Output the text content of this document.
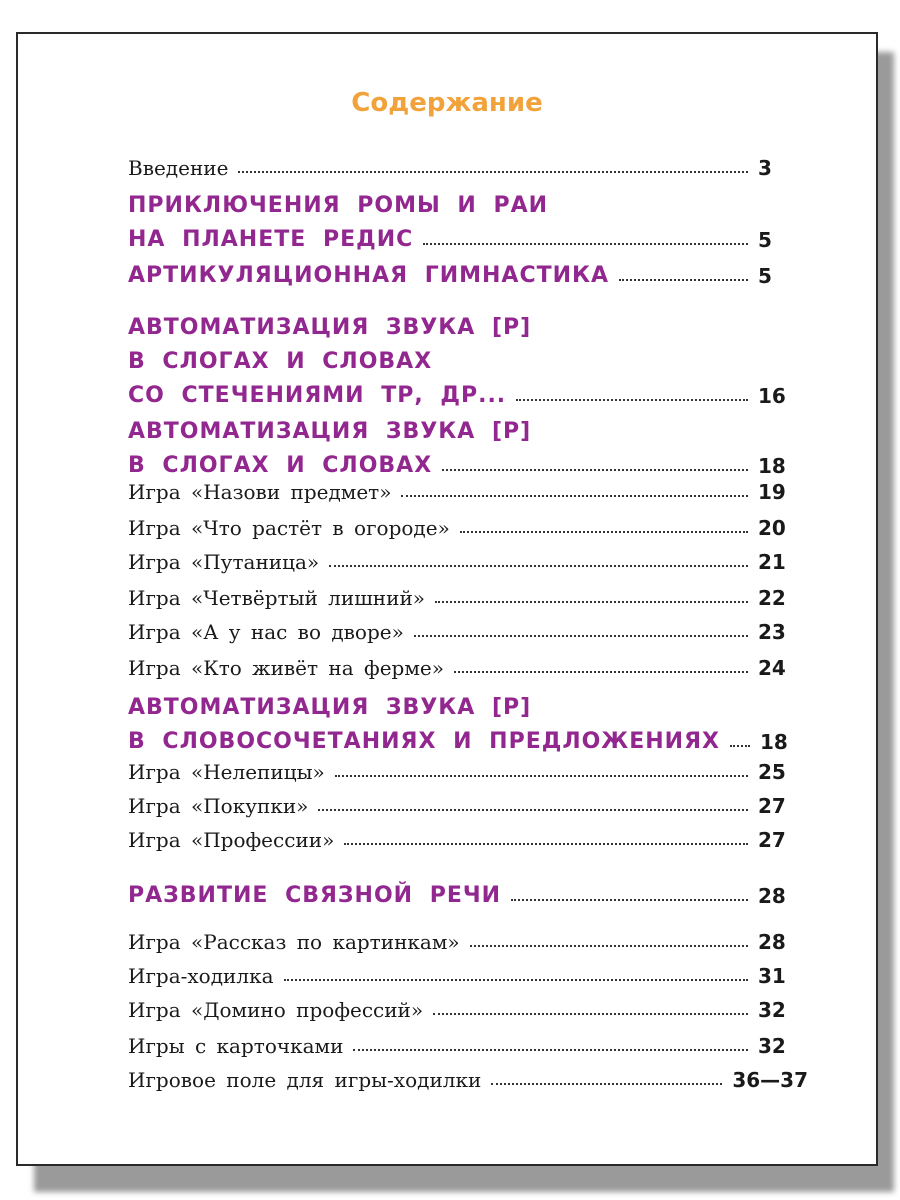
Содержание
Введение	3
ПРИКЛЮЧЕНИЯ РОМЫ И РАИ
НА ПЛАНЕТЕ РЕДИС	5
АРТИКУЛЯЦИОННАЯ ГИМНАСТИКА	5
АВТОМАТИЗАЦИЯ ЗВУКА [Р]
В СЛОГАХ И СЛОВАХ
СО СТЕЧЕНИЯМИ ТР, ДР...	16
АВТОМАТИЗАЦИЯ ЗВУКА [Р]
В СЛОГАХ И СЛОВАХ	18
Игра «Назови предмет»	19
Игра «Что растёт в огороде»	20
Игра «Путаница»	21
Игра «Четвёртый лишний»	22
Игра «А у нас во дворе»	23
Игра «Кто живёт на ферме»	24
АВТОМАТИЗАЦИЯ ЗВУКА [Р]
В СЛОВОСОЧЕТАНИЯХ И ПРЕДЛОЖЕНИЯХ 18
Игра «Нелепицы»	25
Игра «Покупки»	27
Игра «Профессии»	27
РАЗВИТИЕ СВЯЗНОЙ РЕЧИ	28
Игра «Рассказ по картинкам»	28
Игра-ходилка	31
Игра «Домино профессий»	32
Игры с карточками	32
Игровое поле для игры-ходилки	36—37
